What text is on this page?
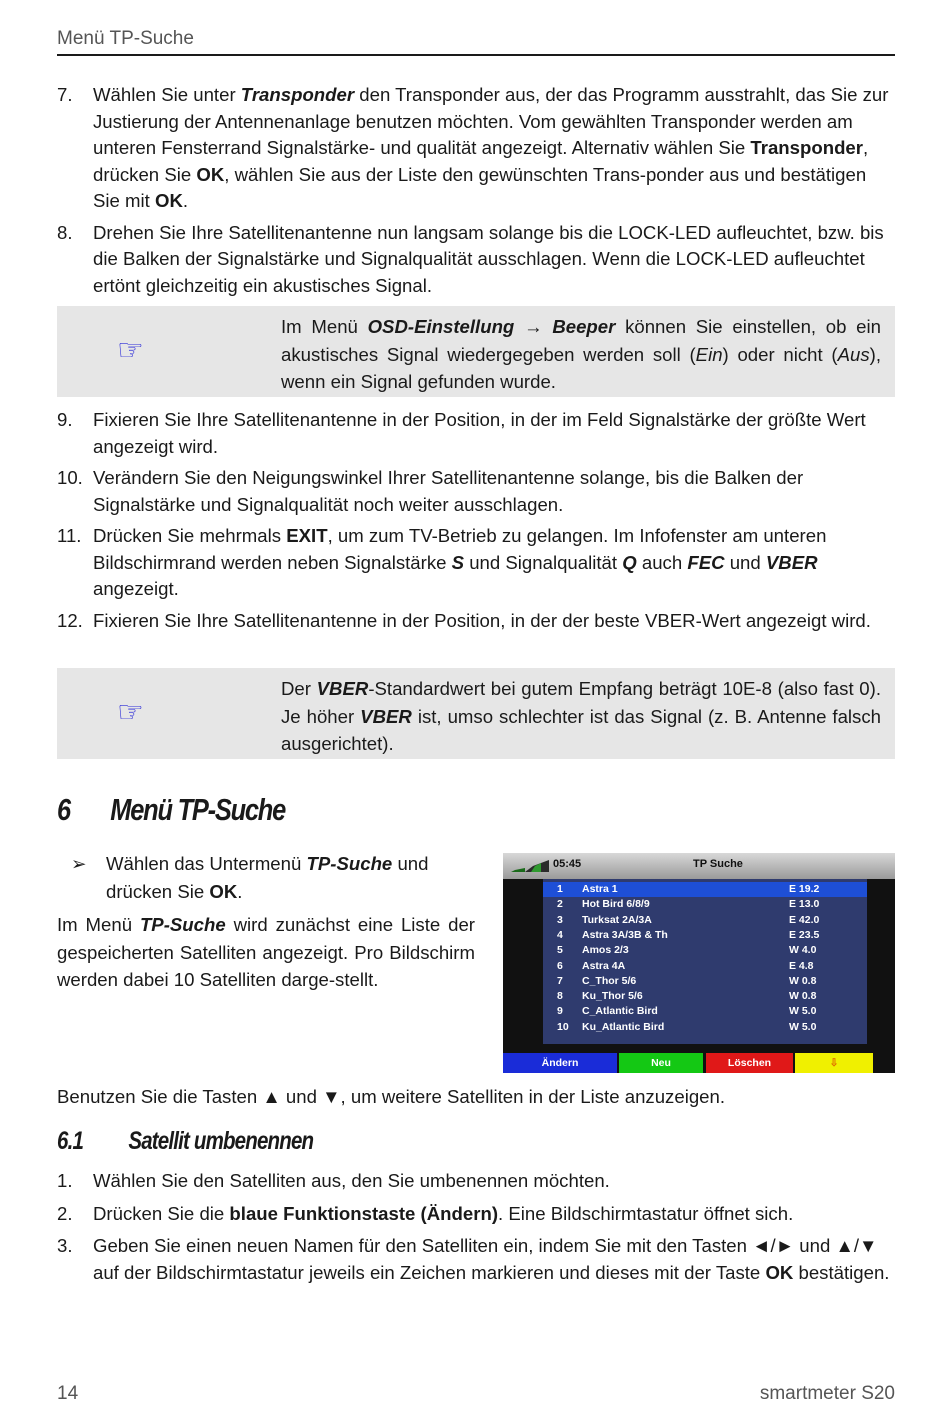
Menü TP-Suche
7. Wählen Sie unter Transponder den Transponder aus, der das Programm ausstrahlt, das Sie zur Justierung der Antennenanlage benutzen möchten. Vom gewählten Transponder werden am unteren Fensterrand Signalstärke- und qualität angezeigt. Alternativ wählen Sie Transponder, drücken Sie OK, wählen Sie aus der Liste den gewünschten Trans-ponder aus und bestätigen Sie mit OK.
8. Drehen Sie Ihre Satellitenantenne nun langsam solange bis die LOCK-LED aufleuchtet, bzw. bis die Balken der Signalstärke und Signalqualität ausschlagen. Wenn die LOCK-LED aufleuchtet ertönt gleichzeitig ein akustisches Signal.
☞
Im Menü OSD-Einstellung → Beeper können Sie einstellen, ob ein akustisches Signal wiedergegeben werden soll (Ein) oder nicht (Aus), wenn ein Signal gefunden wurde.
9. Fixieren Sie Ihre Satellitenantenne in der Position, in der im Feld Signalstärke der größte Wert angezeigt wird.
10. Verändern Sie den Neigungswinkel Ihrer Satellitenantenne solange, bis die Balken der Signalstärke und Signalqualität noch weiter ausschlagen.
11. Drücken Sie mehrmals EXIT, um zum TV-Betrieb zu gelangen. Im Infofenster am unteren Bildschirmrand werden neben Signalstärke S und Signalqualität Q auch FEC und VBER angezeigt.
12. Fixieren Sie Ihre Satellitenantenne in der Position, in der der beste VBER-Wert angezeigt wird.
☞
Der VBER-Standardwert bei gutem Empfang beträgt 10E-8 (also fast 0). Je höher VBER ist, umso schlechter ist das Signal (z. B. Antenne falsch ausgerichtet).
6 Menü TP-Suche
➢ Wählen das Untermenü TP-Suche und drücken Sie OK.
Im Menü TP-Suche wird zunächst eine Liste der gespeicherten Satelliten angezeigt. Pro Bildschirm werden dabei 10 Satelliten darge-stellt.
05:45	TP Suche
1 Astra 1	E 19.2
2 Hot Bird 6/8/9	E 13.0
3 Turksat 2A/3A	E 42.0
4 Astra 3A/3B & Th	E 23.5
5 Amos 2/3	W 4.0
6 Astra 4A	E 4.8
7 C_Thor 5/6	W 0.8
8 Ku_Thor 5/6	W 0.8
9 C_Atlantic Bird	W 5.0
10 Ku_Atlantic Bird	W 5.0
Ändern	Neu	Löschen	⇩
Benutzen Sie die Tasten ▲ und ▼, um weitere Satelliten in der Liste anzuzeigen.
6.1 Satellit umbenennen
1. Wählen Sie den Satelliten aus, den Sie umbenennen möchten.
2. Drücken Sie die blaue Funktionstaste (Ändern). Eine Bildschirmtastatur öffnet sich.
3. Geben Sie einen neuen Namen für den Satelliten ein, indem Sie mit den Tasten ◄/► und ▲/▼ auf der Bildschirmtastatur jeweils ein Zeichen markieren und dieses mit der Taste OK bestätigen.
14	smartmeter S20
